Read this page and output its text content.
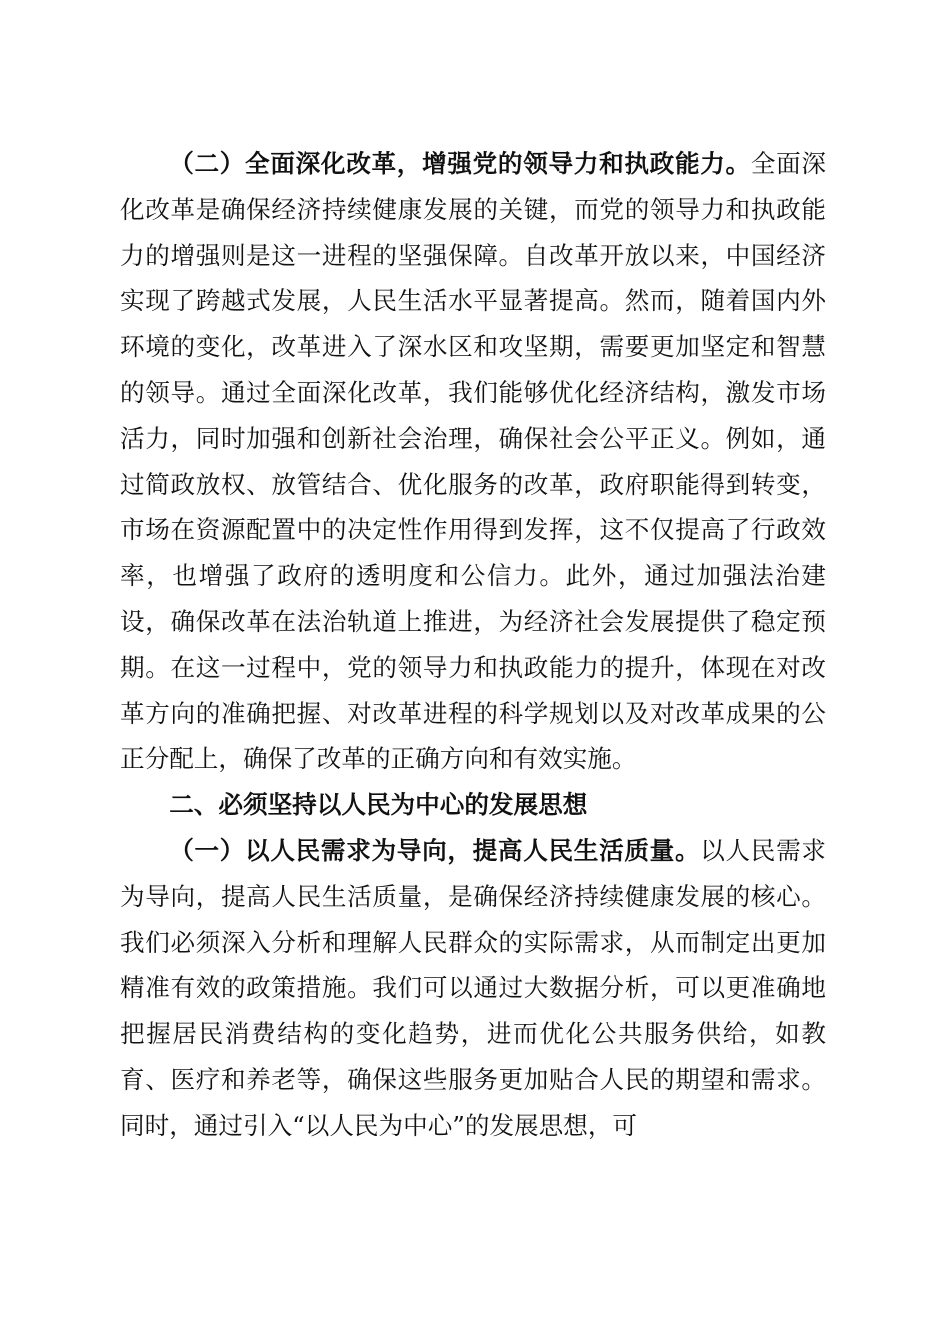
（二）全面深化改革，增强党的领导力和执政能力。全面深化改革是确保经济持续健康发展的关键，而党的领导力和执政能力的增强则是这一进程的坚强保障。自改革开放以来，中国经济实现了跨越式发展，人民生活水平显著提高。然而，随着国内外环境的变化，改革进入了深水区和攻坚期，需要更加坚定和智慧的领导。通过全面深化改革，我们能够优化经济结构，激发市场活力，同时加强和创新社会治理，确保社会公平正义。例如，通过简政放权、放管结合、优化服务的改革，政府职能得到转变，市场在资源配置中的决定性作用得到发挥，这不仅提高了行政效率，也增强了政府的透明度和公信力。此外，通过加强法治建设，确保改革在法治轨道上推进，为经济社会发展提供了稳定预期。在这一过程中，党的领导力和执政能力的提升，体现在对改革方向的准确把握、对改革进程的科学规划以及对改革成果的公正分配上，确保了改革的正确方向和有效实施。

二、必须坚持以人民为中心的发展思想

（一）以人民需求为导向，提高人民生活质量。以人民需求为导向，提高人民生活质量，是确保经济持续健康发展的核心。我们必须深入分析和理解人民群众的实际需求，从而制定出更加精准有效的政策措施。我们可以通过大数据分析，可以更准确地把握居民消费结构的变化趋势，进而优化公共服务供给，如教育、医疗和养老等，确保这些服务更加贴合人民的期望和需求。同时，通过引入“以人民为中心”的发展思想，可
